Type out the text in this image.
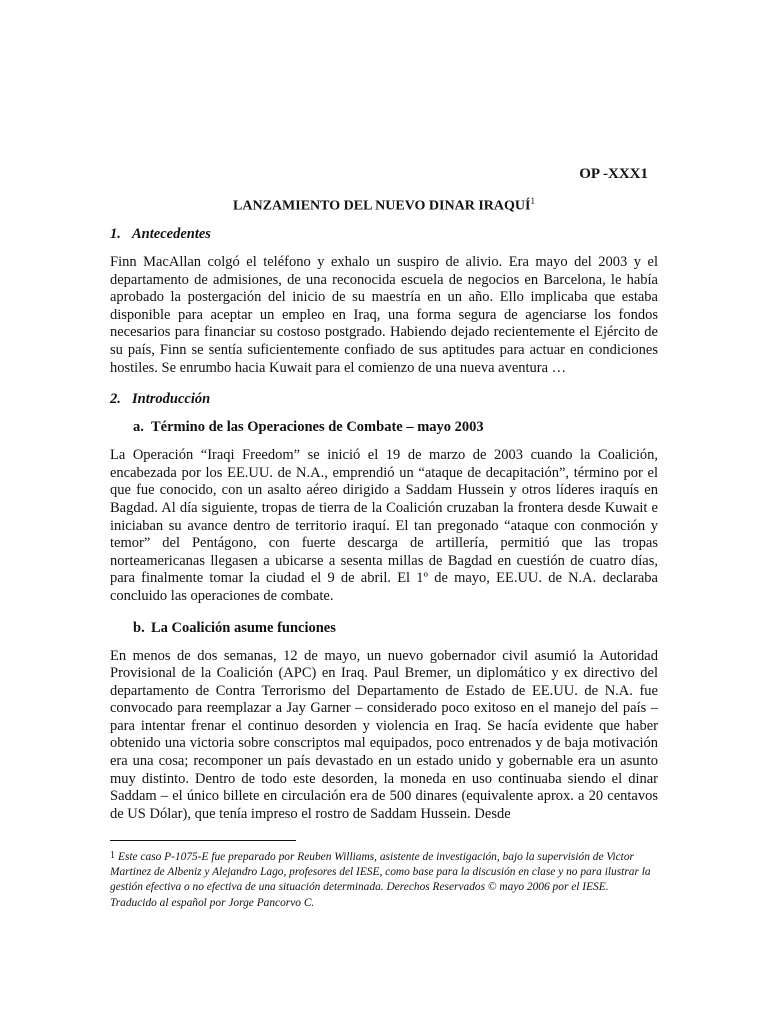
OP -XXX1
LANZAMIENTO DEL NUEVO DINAR IRAQUÍ$^1$
1. Antecedentes

Finn MacAllan colgó el teléfono y exhalo un suspiro de alivio. Era mayo del 2003 y el departamento de admisiones, de una reconocida escuela de negocios en Barcelona, le había aprobado la postergación del inicio de su maestría en un año. Ello implicaba que estaba disponible para aceptar un empleo en Iraq, una forma segura de agenciarse los fondos necesarios para financiar su costoso postgrado. Habiendo dejado recientemente el Ejército de su país, Finn se sentía suficientemente confiado de sus aptitudes para actuar en condiciones hostiles. Se enrumbo hacia Kuwait para el comienzo de una nueva aventura …

2. Introducción
a. Término de las Operaciones de Combate – mayo 2003

La Operación “Iraqi Freedom” se inició el 19 de marzo de 2003 cuando la Coalición, encabezada por los EE.UU. de N.A., emprendió un “ataque de decapitación”, término por el que fue conocido, con un asalto aéreo dirigido a Saddam Hussein y otros líderes iraquís en Bagdad. Al día siguiente, tropas de tierra de la Coalición cruzaban la frontera desde Kuwait e iniciaban su avance dentro de territorio iraquí. El tan pregonado “ataque con conmoción y temor” del Pentágono, con fuerte descarga de artillería, permitió que las tropas norteamericanas llegasen a ubicarse a sesenta millas de Bagdad en cuestión de cuatro días, para finalmente tomar la ciudad el 9 de abril. El 1º de mayo, EE.UU. de N.A. declaraba concluido las operaciones de combate.

b. La Coalición asume funciones

En menos de dos semanas, 12 de mayo, un nuevo gobernador civil asumió la Autoridad Provisional de la Coalición (APC) en Iraq. Paul Bremer, un diplomático y ex directivo del departamento de Contra Terrorismo del Departamento de Estado de EE.UU. de N.A. fue convocado para reemplazar a Jay Garner – considerado poco exitoso en el manejo del país – para intentar frenar el continuo desorden y violencia en Iraq. Se hacía evidente que haber obtenido una victoria sobre conscriptos mal equipados, poco entrenados y de baja motivación era una cosa; recomponer un país devastado en un estado unido y gobernable era un asunto muy distinto. Dentro de todo este desorden, la moneda en uso continuaba siendo el dinar Saddam – el único billete en circulación era de 500 dinares (equivalente aprox. a 20 centavos de US Dólar), que tenía impreso el rostro de Saddam Hussein. Desde

1 Este caso P-1075-E fue preparado por Reuben Williams, asistente de investigación, bajo la supervisión de Victor Martinez de Albeniz y Alejandro Lago, profesores del IESE, como base para la discusión en clase y no para ilustrar la gestión efectiva o no efectiva de una situación determinada. Derechos Reservados © mayo 2006 por el IESE. Traducido al español por Jorge Pancorvo C.
